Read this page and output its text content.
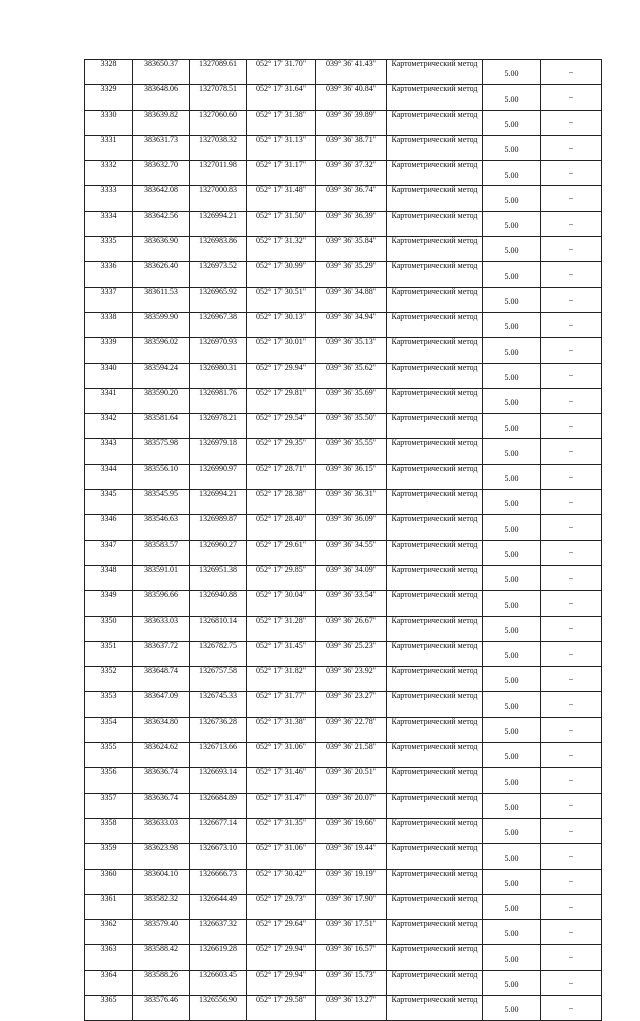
3328	383650.37	1327089.61	052° 17' 31.70"	039° 36' 41.43"	Картометрический метод	5.00	–
3329	383648.06	1327078.51	052° 17' 31.64"	039° 36' 40.84"	Картометрический метод	5.00	–
3330	383639.82	1327060.60	052° 17' 31.38"	039° 36' 39.89"	Картометрический метод	5.00	–
3331	383631.73	1327038.32	052° 17' 31.13"	039° 36' 38.71"	Картометрический метод	5.00	–
3332	383632.70	1327011.98	052° 17' 31.17"	039° 36' 37.32"	Картометрический метод	5.00	–
3333	383642.08	1327000.83	052° 17' 31.48"	039° 36' 36.74"	Картометрический метод	5.00	–
3334	383642.56	1326994.21	052° 17' 31.50"	039° 36' 36.39"	Картометрический метод	5.00	–
3335	383636.90	1326983.86	052° 17' 31.32"	039° 36' 35.84"	Картометрический метод	5.00	–
3336	383626.40	1326973.52	052° 17' 30.99"	039° 36' 35.29"	Картометрический метод	5.00	–
3337	383611.53	1326965.92	052° 17' 30.51"	039° 36' 34.88"	Картометрический метод	5.00	–
3338	383599.90	1326967.38	052° 17' 30.13"	039° 36' 34.94"	Картометрический метод	5.00	–
3339	383596.02	1326970.93	052° 17' 30.01"	039° 36' 35.13"	Картометрический метод	5.00	–
3340	383594.24	1326980.31	052° 17' 29.94"	039° 36' 35.62"	Картометрический метод	5.00	–
3341	383590.20	1326981.76	052° 17' 29.81"	039° 36' 35.69"	Картометрический метод	5.00	–
3342	383581.64	1326978.21	052° 17' 29.54"	039° 36' 35.50"	Картометрический метод	5.00	–
3343	383575.98	1326979.18	052° 17' 29.35"	039° 36' 35.55"	Картометрический метод	5.00	–
3344	383556.10	1326990.97	052° 17' 28.71"	039° 36' 36.15"	Картометрический метод	5.00	–
3345	383545.95	1326994.21	052° 17' 28.38"	039° 36' 36.31"	Картометрический метод	5.00	–
3346	383546.63	1326989.87	052° 17' 28.40"	039° 36' 36.09"	Картометрический метод	5.00	–
3347	383583.57	1326960.27	052° 17' 29.61"	039° 36' 34.55"	Картометрический метод	5.00	–
3348	383591.01	1326951.38	052° 17' 29.85"	039° 36' 34.09"	Картометрический метод	5.00	–
3349	383596.66	1326940.88	052° 17' 30.04"	039° 36' 33.54"	Картометрический метод	5.00	–
3350	383633.03	1326810.14	052° 17' 31.28"	039° 36' 26.67"	Картометрический метод	5.00	–
3351	383637.72	1326782.75	052° 17' 31.45"	039° 36' 25.23"	Картометрический метод	5.00	–
3352	383648.74	1326757.58	052° 17' 31.82"	039° 36' 23.92"	Картометрический метод	5.00	–
3353	383647.09	1326745.33	052° 17' 31.77"	039° 36' 23.27"	Картометрический метод	5.00	–
3354	383634.80	1326736.28	052° 17' 31.38"	039° 36' 22.78"	Картометрический метод	5.00	–
3355	383624.62	1326713.66	052° 17' 31.06"	039° 36' 21.58"	Картометрический метод	5.00	–
3356	383636.74	1326693.14	052° 17' 31.46"	039° 36' 20.51"	Картометрический метод	5.00	–
3357	383636.74	1326684.89	052° 17' 31.47"	039° 36' 20.07"	Картометрический метод	5.00	–
3358	383633.03	1326677.14	052° 17' 31.35"	039° 36' 19.66"	Картометрический метод	5.00	–
3359	383623.98	1326673.10	052° 17' 31.06"	039° 36' 19.44"	Картометрический метод	5.00	–
3360	383604.10	1326666.73	052° 17' 30.42"	039° 36' 19.19"	Картометрический метод	5.00	–
3361	383582.32	1326644.49	052° 17' 29.73"	039° 36' 17.90"	Картометрический метод	5.00	–
3362	383579.40	1326637.32	052° 17' 29.64"	039° 36' 17.51"	Картометрический метод	5.00	–
3363	383588.42	1326619.28	052° 17' 29.94"	039° 36' 16.57"	Картометрический метод	5.00	–
3364	383588.26	1326603.45	052° 17' 29.94"	039° 36' 15.73"	Картометрический метод	5.00	–
3365	383576.46	1326556.90	052° 17' 29.58"	039° 36' 13.27"	Картометрический метод	5.00	–
